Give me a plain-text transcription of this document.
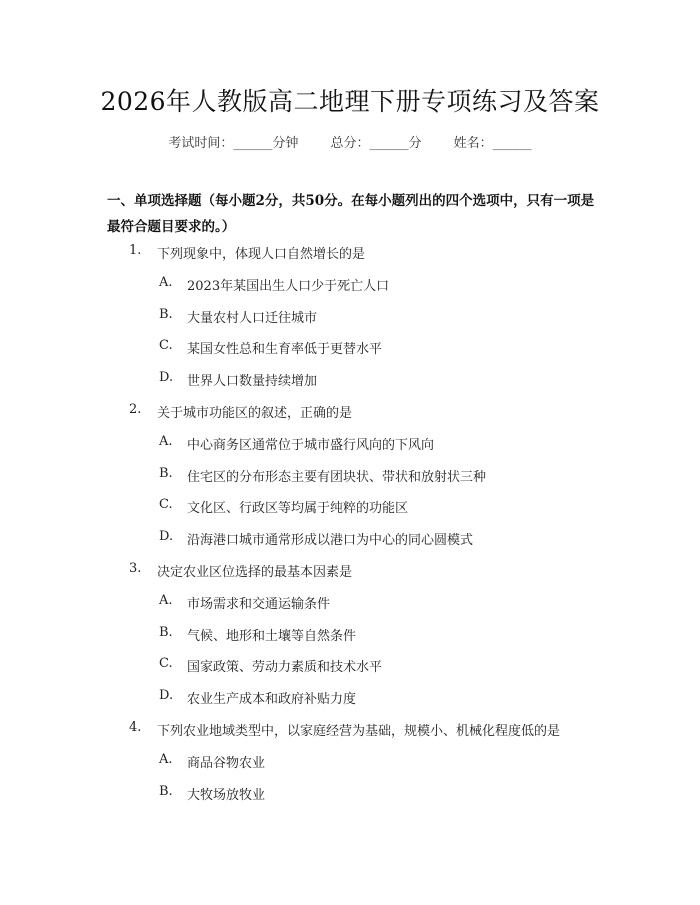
2026年人教版高二地理下册专项练习及答案
考试时间：______分钟 总分：______分 姓名：______
一、单项选择题（每小题2分，共50分。在每小题列出的四个选项中，只有一项是最符合题目要求的。）
1. 下列现象中，体现人口自然增长的是
A. 2023年某国出生人口少于死亡人口
B. 大量农村人口迁往城市
C. 某国女性总和生育率低于更替水平
D. 世界人口数量持续增加
2. 关于城市功能区的叙述，正确的是
A. 中心商务区通常位于城市盛行风向的下风向
B. 住宅区的分布形态主要有团块状、带状和放射状三种
C. 文化区、行政区等均属于纯粹的功能区
D. 沿海港口城市通常形成以港口为中心的同心圆模式
3. 决定农业区位选择的最基本因素是
A. 市场需求和交通运输条件
B. 气候、地形和土壤等自然条件
C. 国家政策、劳动力素质和技术水平
D. 农业生产成本和政府补贴力度
4. 下列农业地域类型中，以家庭经营为基础，规模小、机械化程度低的是
A. 商品谷物农业
B. 大牧场放牧业
